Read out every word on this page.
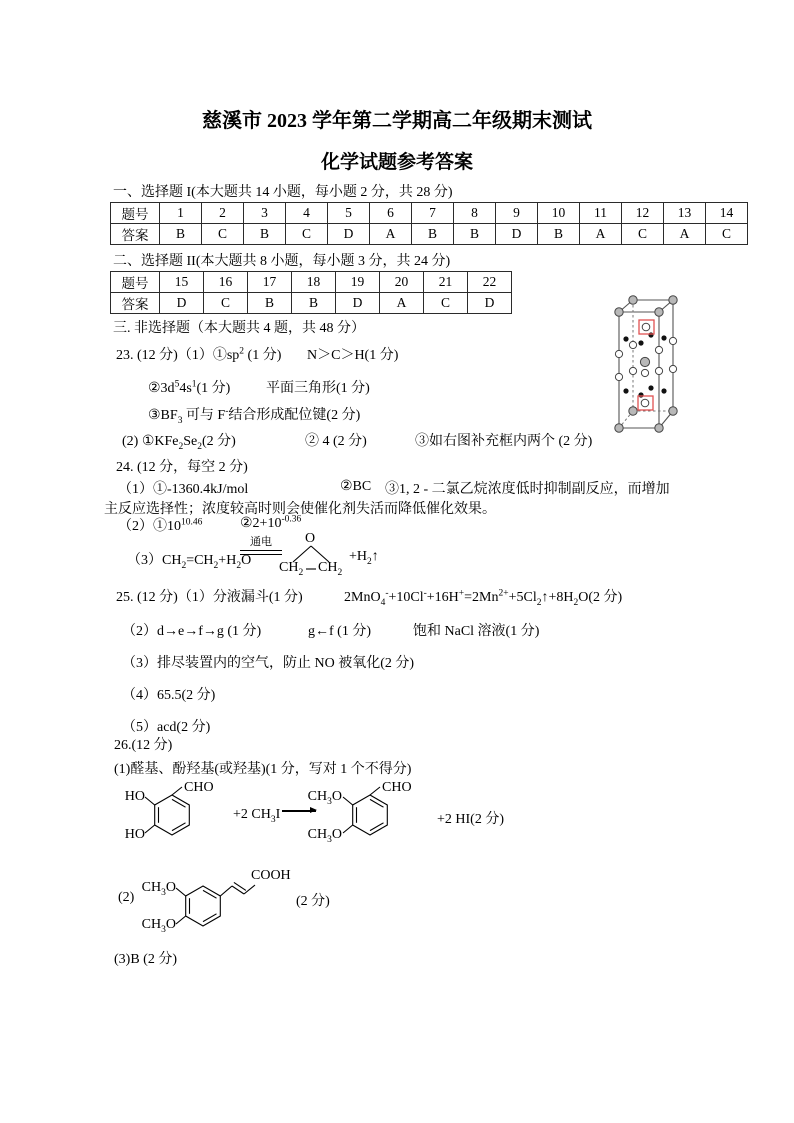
慈溪市 2023 学年第二学期高二年级期末测试
化学试题参考答案
一、选择题 I(本大题共 14 小题，每小题 2 分，共 28 分)
题号	1	2	3	4	5	6	7	8	9	10	11	12	13	14
答案	B	C	B	C	D	A	B	B	D	B	A	C	A	C
二、选择题 II(本大题共 8 小题，每小题 3 分，共 24 分)
题号	15	16	17	18	19	20	21	22
答案	D	C	B	B	D	A	C	D
三. 非选择题（本大题共 4 题，共 48 分）
23. (12 分)$(1)①sp^2$ (1 分) N＞C＞H(1 分)
$②3d^54s^1(1$ 分)	平面三角形(1 分)
$③BF_3$ 可与 F-结合形成配位键(2 分)
(2) $①KFe_2Se_2(2$ 分)	② 4 (2 分)	③如右图补充框内两个 (2 分)
24. (12 分，每空 2 分)
（1）①-1360.4kJ/mol	②BC ③1, 2 - 二氯乙烷浓度低时抑制副反应，而增加
主反应选择性；浓度较高时则会使催化剂失活而降低催化效果。
$(2)①10^{10.46}$	$②2+10^{-0.36}$
$(3)CH_2=CH_2+H_2O$
通电 O
$CH_2$ $CH_2$
$+H_2↑$
25. (12 分)（1）分液漏斗(1 分)	$2MnO_4^-+10Cl^-+16H^+=2Mn^{2+}+5Cl_2↑+8H_2O(2$ 分)
（2）d→e→f→g (1 分)	g←f (1 分)	饱和 NaCl 溶液(1 分)
（3）排尽装置内的空气，防止 NO 被氧化(2 分)
（4）65.5(2 分)
（5）acd(2 分)
26.(12 分)
(1)醛基、酚羟基(或羟基)(1 分，写对 1 个不得分)
HO
HO
CHO
+2 $CH_3I$ →
$CH_3O$
$CH_3O$
CHO
+2 HI(2 分)
(2)
$CH_3O$
$CH_3O$
COOH
(2 分)
(3)B (2 分)
